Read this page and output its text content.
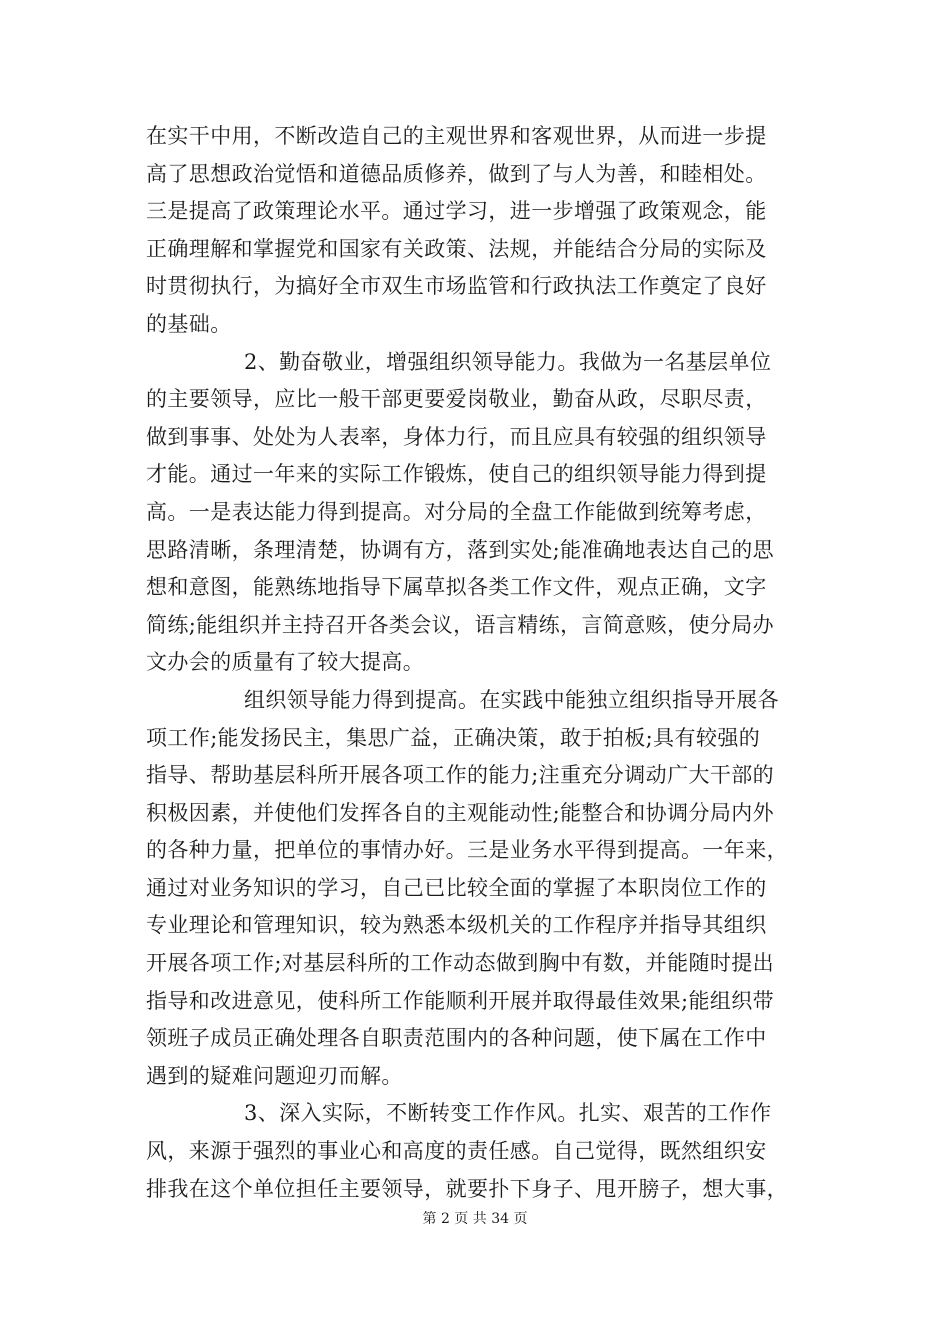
在实干中用，不断改造自己的主观世界和客观世界，从而进一步提
高了思想政治觉悟和道德品质修养，做到了与人为善，和睦相处。
三是提高了政策理论水平。通过学习，进一步增强了政策观念，能
正确理解和掌握党和国家有关政策、法规，并能结合分局的实际及
时贯彻执行，为搞好全市双生市场监管和行政执法工作奠定了良好
的基础。

2、勤奋敬业，增强组织领导能力。我做为一名基层单位
的主要领导，应比一般干部更要爱岗敬业，勤奋从政，尽职尽责，
做到事事、处处为人表率，身体力行，而且应具有较强的组织领导
才能。通过一年来的实际工作锻炼，使自己的组织领导能力得到提
高。一是表达能力得到提高。对分局的全盘工作能做到统筹考虑，
思路清晰，条理清楚，协调有方，落到实处;能准确地表达自己的思
想和意图，能熟练地指导下属草拟各类工作文件，观点正确，文字
简练;能组织并主持召开各类会议，语言精练，言简意赅，使分局办
文办会的质量有了较大提高。

组织领导能力得到提高。在实践中能独立组织指导开展各
项工作;能发扬民主，集思广益，正确决策，敢于拍板;具有较强的
指导、帮助基层科所开展各项工作的能力;注重充分调动广大干部的
积极因素，并使他们发挥各自的主观能动性;能整合和协调分局内外
的各种力量，把单位的事情办好。三是业务水平得到提高。一年来，
通过对业务知识的学习，自己已比较全面的掌握了本职岗位工作的
专业理论和管理知识，较为熟悉本级机关的工作程序并指导其组织
开展各项工作;对基层科所的工作动态做到胸中有数，并能随时提出
指导和改进意见，使科所工作能顺利开展并取得最佳效果;能组织带
领班子成员正确处理各自职责范围内的各种问题，使下属在工作中
遇到的疑难问题迎刃而解。

3、深入实际，不断转变工作作风。扎实、艰苦的工作作
风，来源于强烈的事业心和高度的责任感。自己觉得，既然组织安
排我在这个单位担任主要领导，就要扑下身子、甩开膀子，想大事，

第 2 页 共 34 页
